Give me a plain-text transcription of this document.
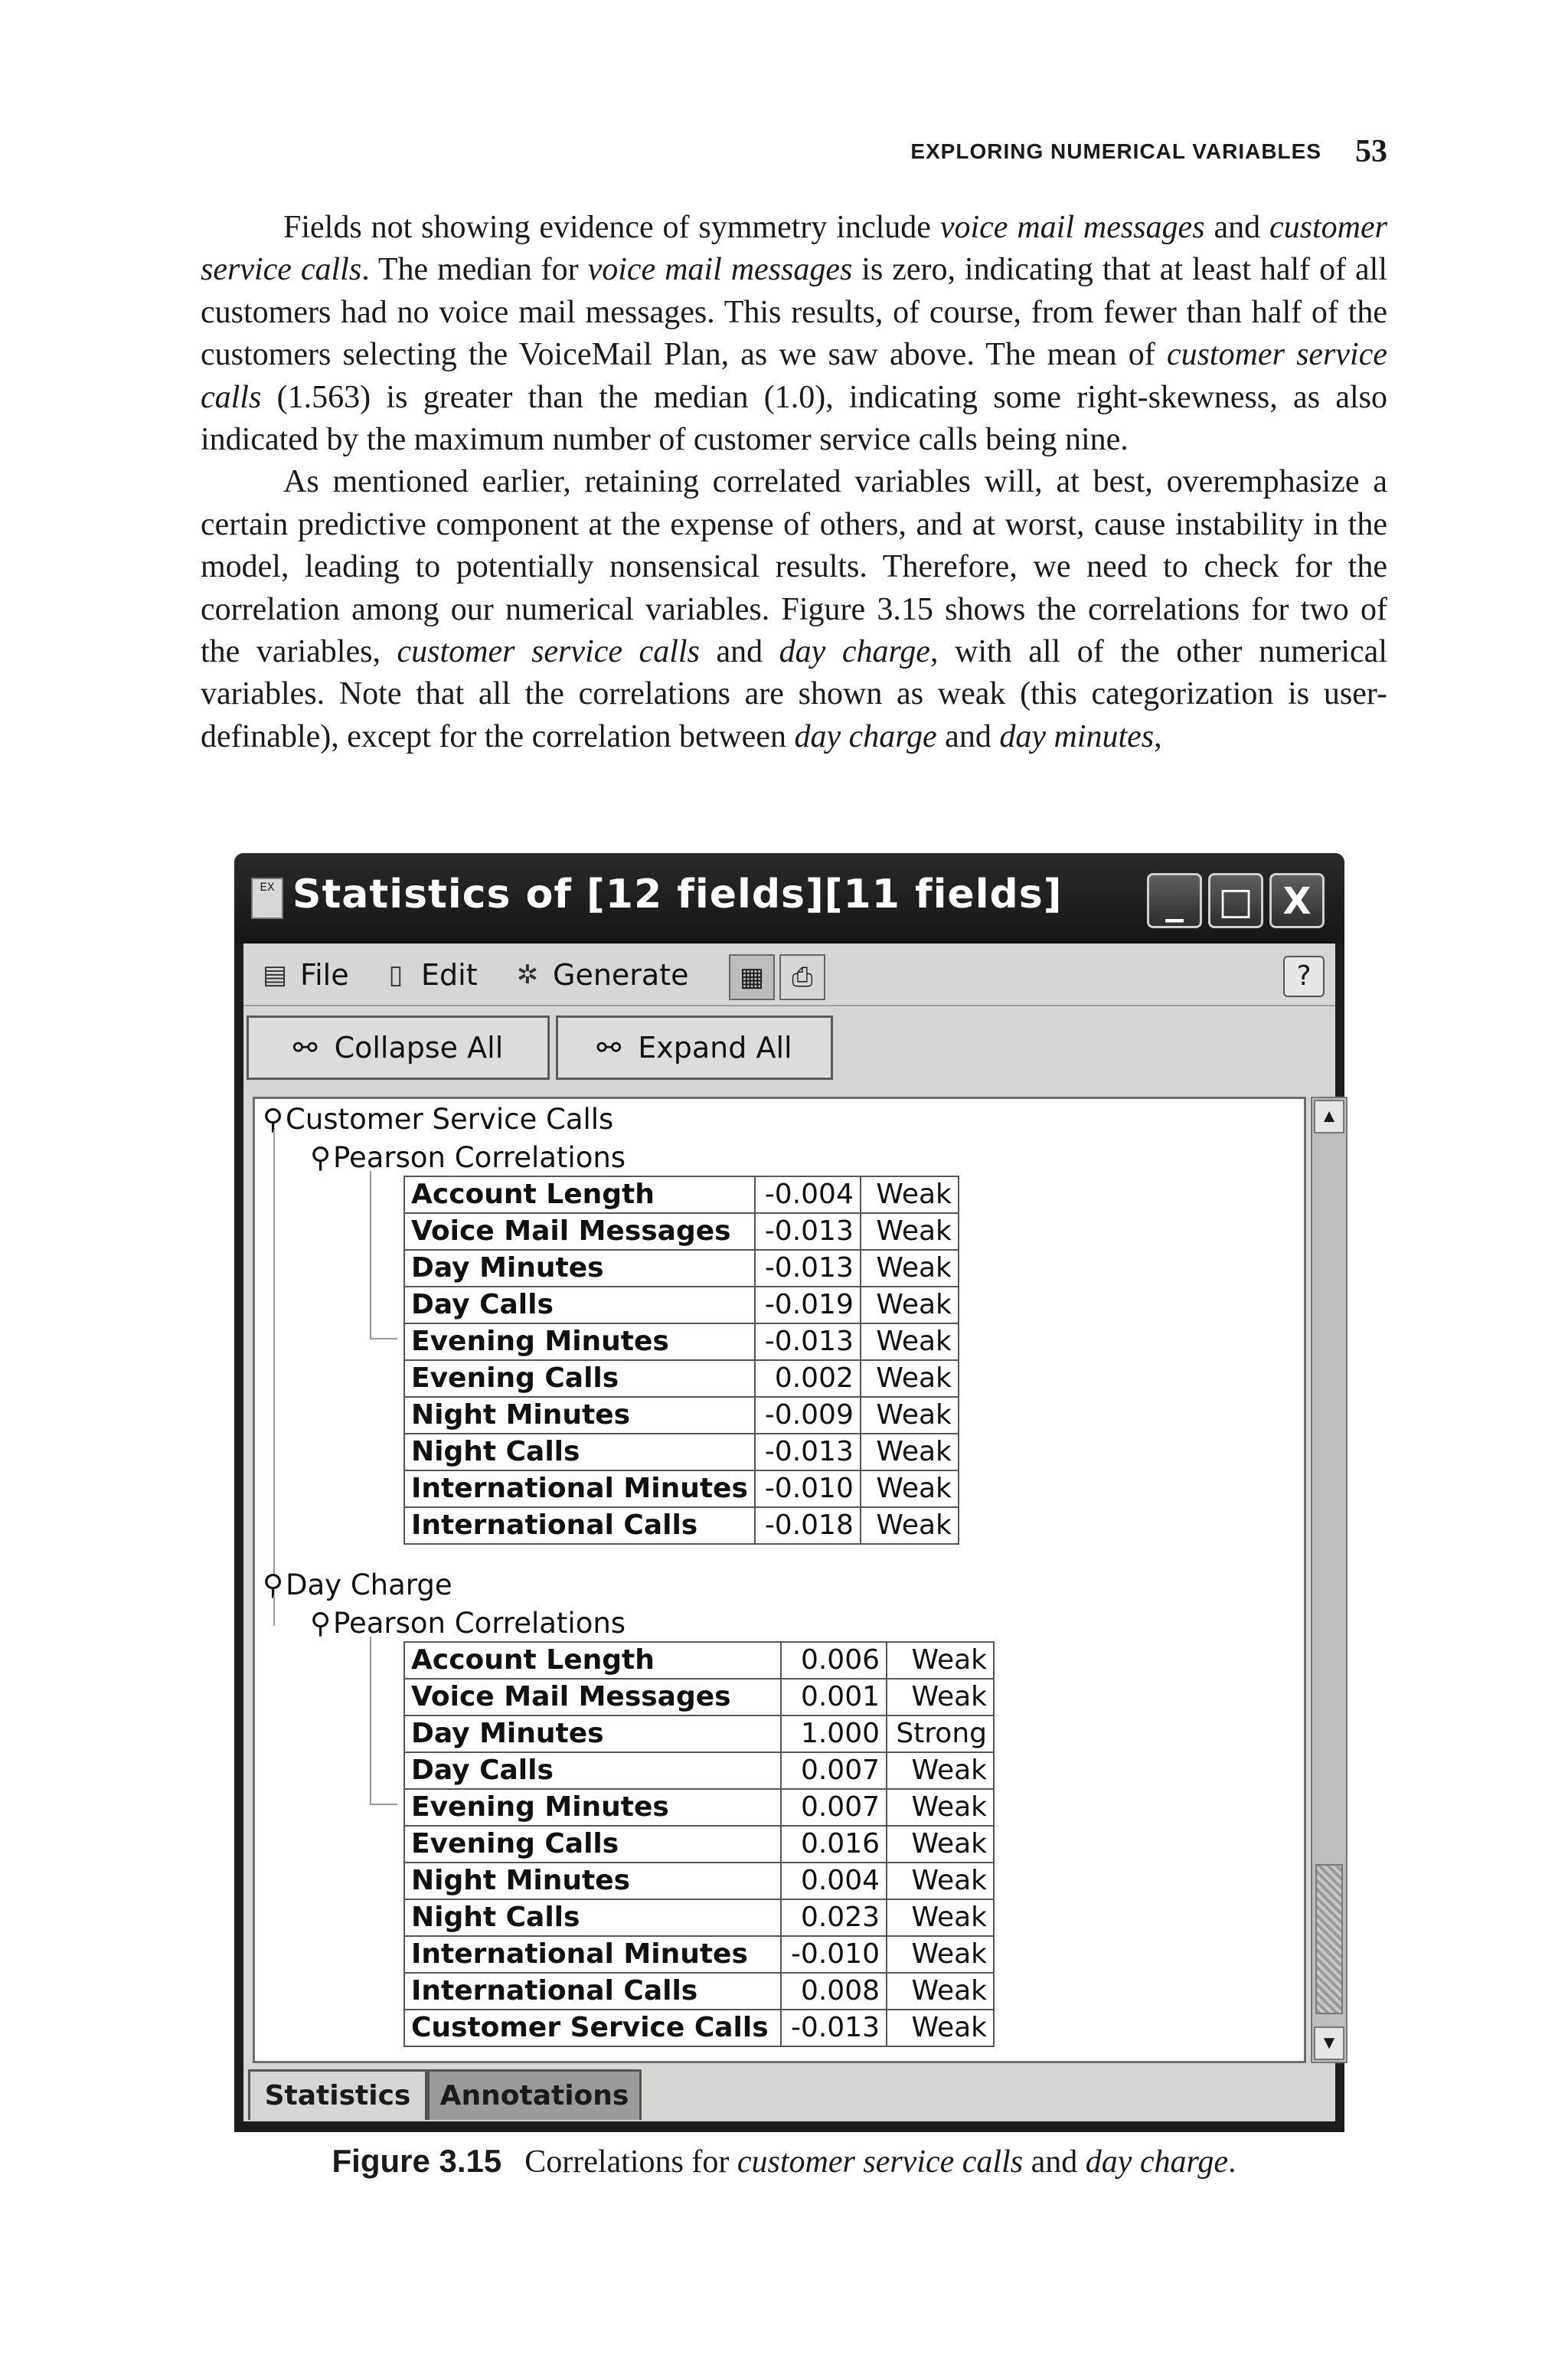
EXPLORING NUMERICAL VARIABLES 53

Fields not showing evidence of symmetry include voice mail messages and customer service calls. The median for voice mail messages is zero, indicating that at least half of all customers had no voice mail messages. This results, of course, from fewer than half of the customers selecting the VoiceMail Plan, as we saw above. The mean of customer service calls (1.563) is greater than the median (1.0), indicating some right-skewness, as also indicated by the maximum number of customer service calls being nine.

As mentioned earlier, retaining correlated variables will, at best, overemphasize a certain predictive component at the expense of others, and at worst, cause instability in the model, leading to potentially nonsensical results. Therefore, we need to check for the correlation among our numerical variables. Figure 3.15 shows the correlations for two of the variables, customer service calls and day charge, with all of the other numerical variables. Note that all the correlations are shown as weak (this categorization is user-definable), except for the correlation between day charge and day minutes,

EX Statistics of [12 fields][11 fields]	_ □ X
▤ File ▯ Edit ✲ Generate	▦	⎙	?
⚯ Collapse All	⚯ Expand All
⚲Customer Service Calls
⚲Pearson Correlations
Account Length	-0.004	Weak
Voice Mail Messages	-0.013	Weak
Day Minutes	-0.013	Weak
Day Calls	-0.019	Weak
Evening Minutes	-0.013	Weak
Evening Calls	0.002	Weak
Night Minutes	-0.009	Weak
Night Calls	-0.013	Weak
International Minutes	-0.010	Weak
International Calls	-0.018	Weak
⚲Day Charge
⚲Pearson Correlations
Account Length	0.006	Weak
Voice Mail Messages	0.001	Weak
Day Minutes	1.000	Strong
Day Calls	0.007	Weak
Evening Minutes	0.007	Weak
Evening Calls	0.016	Weak
Night Minutes	0.004	Weak
Night Calls	0.023	Weak
International Minutes	-0.010	Weak
International Calls	0.008	Weak
Customer Service Calls	-0.013	Weak
▲
▼
Statistics	Annotations
Figure 3.15 Correlations for customer service calls and day charge.
